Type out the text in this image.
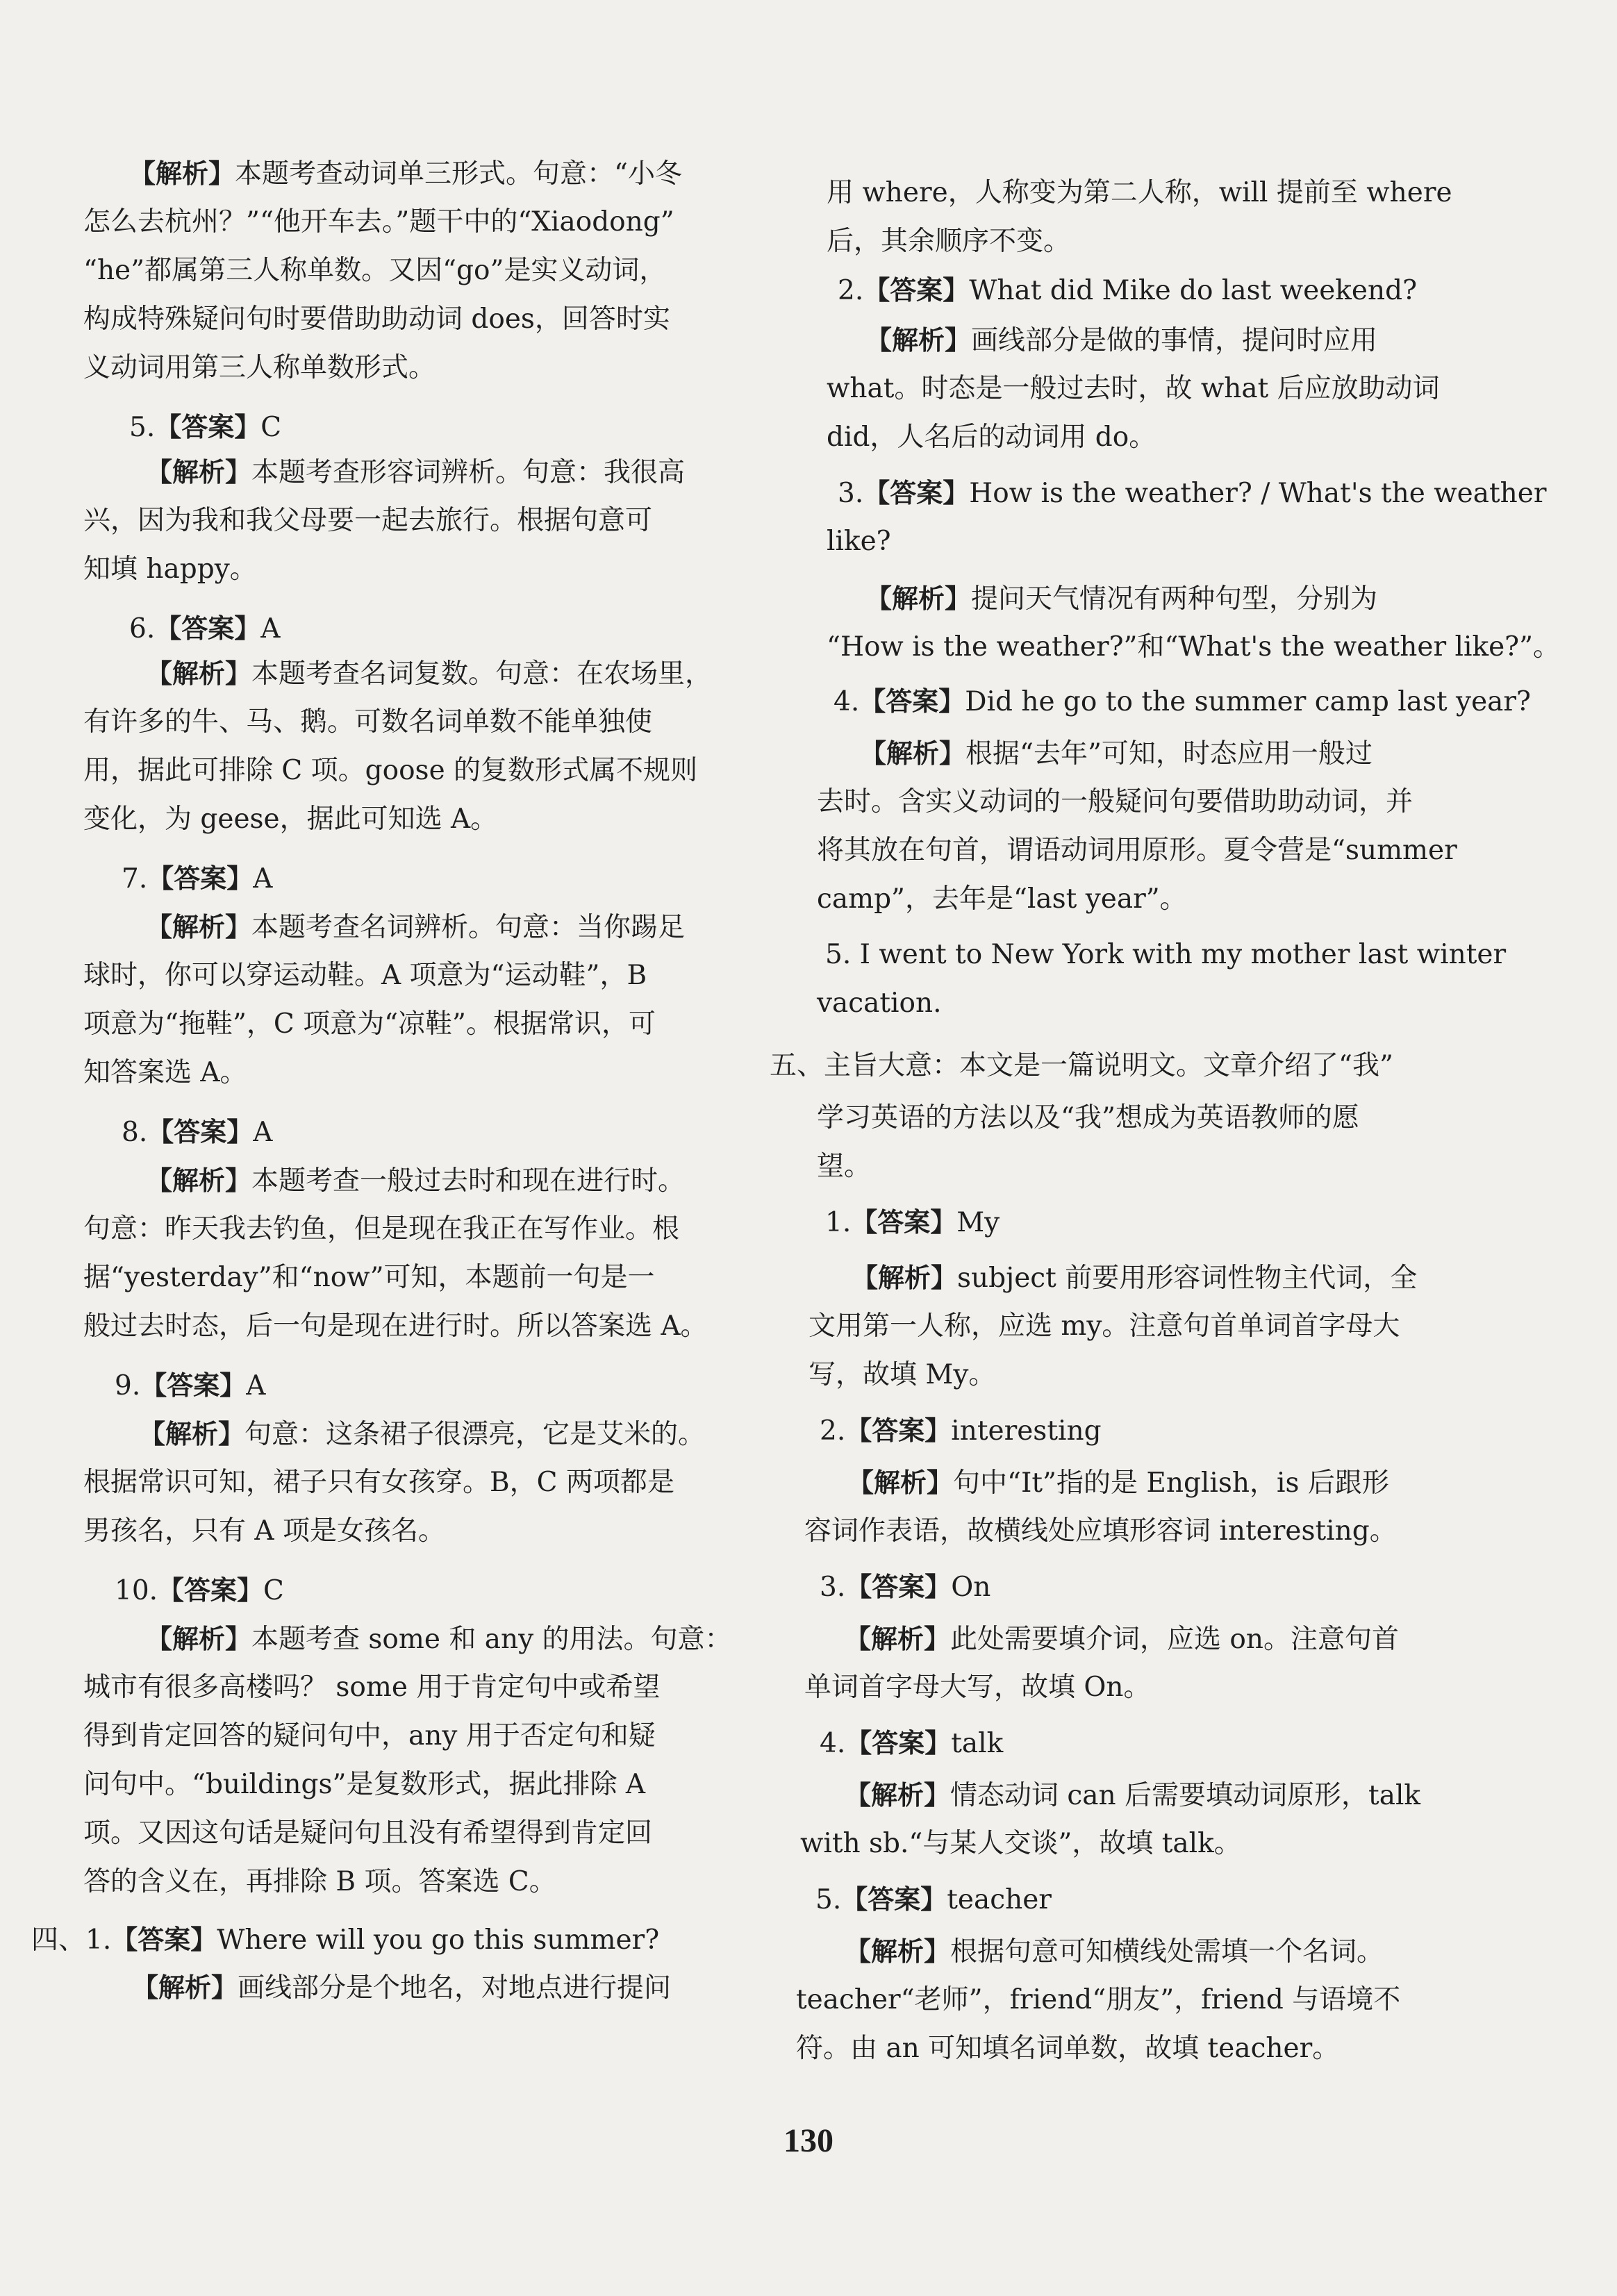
【解析】本题考查动词单三形式。句意：“小冬
怎么去杭州？”“他开车去。”题干中的“Xiaodong”
“he”都属第三人称单数。又因“go”是实义动词，
构成特殊疑问句时要借助助动词 does，回答时实
义动词用第三人称单数形式。
5.【答案】C
【解析】本题考查形容词辨析。句意：我很高
兴，因为我和我父母要一起去旅行。根据句意可
知填 happy。
6.【答案】A
【解析】本题考查名词复数。句意：在农场里，
有许多的牛、马、鹅。可数名词单数不能单独使
用，据此可排除 C 项。goose 的复数形式属不规则
变化，为 geese，据此可知选 A。
7.【答案】A
【解析】本题考查名词辨析。句意：当你踢足
球时，你可以穿运动鞋。A 项意为“运动鞋”，B
项意为“拖鞋”，C 项意为“凉鞋”。根据常识，可
知答案选 A。
8.【答案】A
【解析】本题考查一般过去时和现在进行时。
句意：昨天我去钓鱼，但是现在我正在写作业。根
据“yesterday”和“now”可知，本题前一句是一
般过去时态，后一句是现在进行时。所以答案选 A。
9.【答案】A
【解析】句意：这条裙子很漂亮，它是艾米的。
根据常识可知，裙子只有女孩穿。B，C 两项都是
男孩名，只有 A 项是女孩名。
10.【答案】C
【解析】本题考查 some 和 any 的用法。句意：
城市有很多高楼吗？ some 用于肯定句中或希望
得到肯定回答的疑问句中，any 用于否定句和疑
问句中。“buildings”是复数形式，据此排除 A
项。又因这句话是疑问句且没有希望得到肯定回
答的含义在，再排除 B 项。答案选 C。
四、1.【答案】Where will you go this summer?
【解析】画线部分是个地名，对地点进行提问
用 where，人称变为第二人称，will 提前至 where
后，其余顺序不变。
2.【答案】What did Mike do last weekend?
【解析】画线部分是做的事情，提问时应用
what。时态是一般过去时，故 what 后应放助动词
did，人名后的动词用 do。
3.【答案】How is the weather? / What's the weather
like?
【解析】提问天气情况有两种句型，分别为
“How is the weather?”和“What's the weather like?”。
4.【答案】Did he go to the summer camp last year?
【解析】根据“去年”可知，时态应用一般过
去时。含实义动词的一般疑问句要借助助动词，并
将其放在句首，谓语动词用原形。夏令营是“summer
camp”，去年是“last year”。
5. I went to New York with my mother last winter
vacation.
五、主旨大意：本文是一篇说明文。文章介绍了“我”
学习英语的方法以及“我”想成为英语教师的愿
望。
1.【答案】My
【解析】subject 前要用形容词性物主代词，全
文用第一人称，应选 my。注意句首单词首字母大
写，故填 My。
2.【答案】interesting
【解析】句中“It”指的是 English，is 后跟形
容词作表语，故横线处应填形容词 interesting。
3.【答案】On
【解析】此处需要填介词，应选 on。注意句首
单词首字母大写，故填 On。
4.【答案】talk
【解析】情态动词 can 后需要填动词原形，talk
with sb.“与某人交谈”，故填 talk。
5.【答案】teacher
【解析】根据句意可知横线处需填一个名词。
teacher“老师”，friend“朋友”，friend 与语境不
符。由 an 可知填名词单数，故填 teacher。
130
